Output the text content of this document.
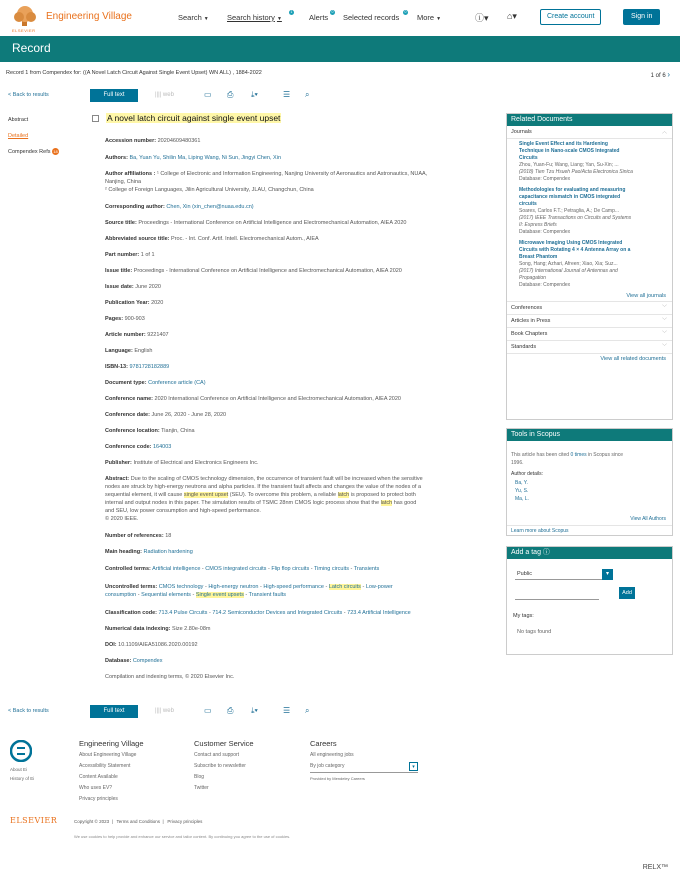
ELSEVIER
Engineering Village	Search ▼ Search history ▼
1
Alerts
0
Selected records
0
More ▼	ⓘ▾ ⌂▾	Create account	Sign in
Record
Record 1 from Compendex for: ((A Novel Latch Circuit Against Single Event Upset) WN ALL) , 1884-2022	1 of 6 ›
< Back to results	Full text	|||| web	▭ ⎙ ⤓▾	☰ ⌕
Abstract
Detailed
Compendex Refs 18
A novel latch circuit against single event upset
Accession number: 20204609480361
Authors: Ba, Yuan Yu, Shilin Ma, Liping Wang, Ni Sun, Jingyi Chen, Xin
Author affiliations : ¹ College of Electronic and Information Engineering, Nanjing University of Aeronautics and Astronautics, NUAA,
Nanjing, China
² College of Foreign Languages, Jilin Agricultural University, JLAU, Changchun, China
Corresponding author: Chen, Xin (xin_chen@nuaa.edu.cn)
Source title: Proceedings - International Conference on Artificial Intelligence and Electromechanical Automation, AIEA 2020
Abbreviated source title: Proc. - Int. Conf. Artif. Intell. Electromechanical Autom., AIEA
Part number: 1 of 1
Issue title: Proceedings - International Conference on Artificial Intelligence and Electromechanical Automation, AIEA 2020
Issue date: June 2020
Publication Year: 2020
Pages: 900-903
Article number: 9221407
Language: English
ISBN-13: 9781728182889
Document type: Conference article (CA)
Conference name: 2020 International Conference on Artificial Intelligence and Electromechanical Automation, AIEA 2020
Conference date: June 26, 2020 - June 28, 2020
Conference location: Tianjin, China
Conference code: 164003
Publisher: Institute of Electrical and Electronics Engineers Inc.
Abstract: Due to the scaling of CMOS technology dimension, the occurrence of transient fault will be increased when the sensitive
nodes are struck by high-energy neutrons and alpha particles. If the transient fault affects and changes the value of the nodes of a
sequential element, it will cause single event upset (SEU). To overcome this problem, a reliable latch is proposed to protect both
internal and output nodes in this paper. The simulation results of TSMC 28nm CMOS logic process show that the latch has good
and SEU, low power consumption and high-speed performance.
© 2020 IEEE.
Number of references: 18
Main heading: Radiation hardening
Controlled terms: Artificial intelligence - CMOS integrated circuits - Flip flop circuits - Timing circuits - Transients
Uncontrolled terms: CMOS technology - High-energy neutron - High-speed performance - Latch circuits - Low-power
consumption - Sequential elements - Single event upsets - Transient faults
Classification code: 713.4 Pulse Circuits - 714.2 Semiconductor Devices and Integrated Circuits - 723.4 Artificial Intelligence
Numerical data indexing: Size 2.80e-08m
DOI: 10.1109/AIEA51086.2020.00192
Database: Compendex
Compilation and indexing terms, © 2020 Elsevier Inc.
Related Documents
Journals	︿
Single Event Effect and its Hardening
Technique in Nano-scale CMOS Integrated
Circuits
Zhou, Yuan-Fu; Wang, Liang; Yan, Su-Xin; ...
(2018) Tien Tzu Hsueh Pao/Acta Electronica Sinica
Database: Compendex
Methodologies for evaluating and measuring
capacitance mismatch in CMOS integrated
circuits
Soares, Carlos F.T.; Petraglia, A.; De Camp...
(2017) IEEE Transactions on Circuits and Systems
II: Express Briefs
Database: Compendex
Microwave Imaging Using CMOS Integrated
Circuits with Rotating 4 × 4 Antenna Array on a
Breast Phantom
Song, Hang; Azhari, Afreen; Xiao, Xia; Suz...
(2017) International Journal of Antennas and
Propagation
Database: Compendex
View all journals
Conferences	﹀
Articles in Press	﹀
Book Chapters	﹀
Standards	﹀
View all related documents
Tools in Scopus
This article has been cited 0 times in Scopus since
1996.
Author details:
Ba, Y.
Yu, S.
Ma, L.
View All Authors
Learn more about Scopus
Add a tag ⓘ
Public	▾
Add
My tags:
No tags found
< Back to results	Full text	|||| web	▭ ⎙ ⤓▾	☰ ⌕
About Ei
History of Ei
Engineering Village
About Engineering Village
Accessibility Statement
Content Available
Who uses EV?
Privacy principles
Customer Service
Contact and support
Subscribe to newsletter
Blog
Twitter
Careers
All engineering jobs
By job category	▾
Provided by Mendeley Careers
ELSEVIER	Copyright © 2023  |   Terms and Conditions  |   Privacy principles
We use cookies to help provide and enhance our service and tailor content. By continuing you agree to the use of cookies.
RELX™
